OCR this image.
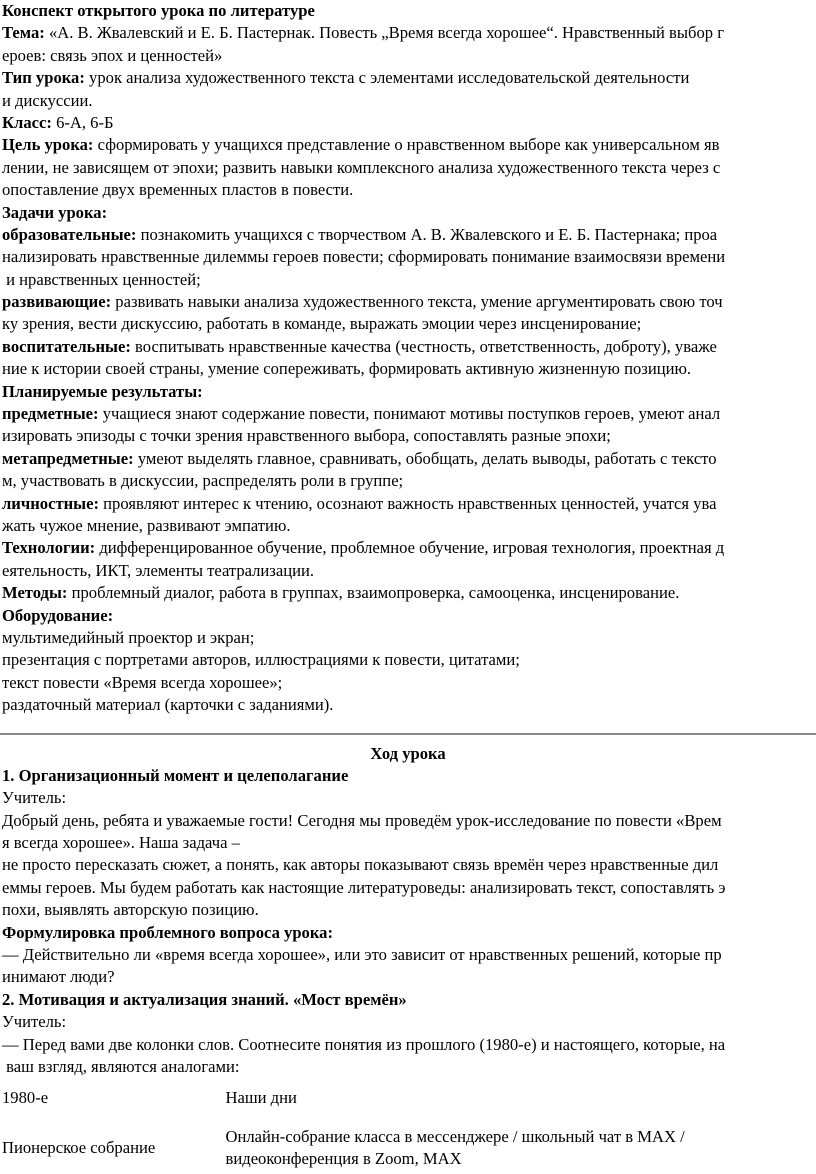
Конспект открытого урока по литературе
Тема: «А. В. Жвалевский и Е. Б. Пастернак. Повесть „Время всегда хорошее“. Нравственный выбор г
ероев: связь эпох и ценностей»
Тип урока: урок анализа художественного текста с элементами исследовательской деятельности
и дискуссии.
Класс: 6-А, 6-Б
Цель урока: сформировать у учащихся представление о нравственном выборе как универсальном яв
лении, не зависящем от эпохи; развить навыки комплексного анализа художественного текста через с
опоставление двух временных пластов в повести.
Задачи урока:
образовательные: познакомить учащихся с творчеством А. В. Жвалевского и Е. Б. Пастернака; проа
нализировать нравственные дилеммы героев повести; сформировать понимание взаимосвязи времени
и нравственных ценностей;
развивающие: развивать навыки анализа художественного текста, умение аргументировать свою точ
ку зрения, вести дискуссию, работать в команде, выражать эмоции через инсценирование;
воспитательные: воспитывать нравственные качества (честность, ответственность, доброту), уваже
ние к истории своей страны, умение сопереживать, формировать активную жизненную позицию.
Планируемые результаты:
предметные: учащиеся знают содержание повести, понимают мотивы поступков героев, умеют анал
изировать эпизоды с точки зрения нравственного выбора, сопоставлять разные эпохи;
метапредметные: умеют выделять главное, сравнивать, обобщать, делать выводы, работать с тексто
м, участвовать в дискуссии, распределять роли в группе;
личностные: проявляют интерес к чтению, осознают важность нравственных ценностей, учатся ува
жать чужое мнение, развивают эмпатию.
Технологии: дифференцированное обучение, проблемное обучение, игровая технология, проектная д
еятельность, ИКТ, элементы театрализации.
Методы: проблемный диалог, работа в группах, взаимопроверка, самооценка, инсценирование.
Оборудование:
мультимедийный проектор и экран;
презентация с портретами авторов, иллюстрациями к повести, цитатами;
текст повести «Время всегда хорошее»;
раздаточный материал (карточки с заданиями).
Ход урока
1. Организационный момент и целеполагание
Учитель:
Добрый день, ребята и уважаемые гости! Сегодня мы проведём урок-исследование по повести «Врем
я всегда хорошее». Наша задача –
не просто пересказать сюжет, а понять, как авторы показывают связь времён через нравственные дил
еммы героев. Мы будем работать как настоящие литературоведы: анализировать текст, сопоставлять э
похи, выявлять авторскую позицию.
Формулировка проблемного вопроса урока:
— Действительно ли «время всегда хорошее», или это зависит от нравственных решений, которые пр
инимают люди?
2. Мотивация и актуализация знаний. «Мост времён»
Учитель:
— Перед вами две колонки слов. Соотнесите понятия из прошлого (1980-е) и настоящего, которые, на
ваш взгляд, являются аналогами:
1980-е	Наши дни
Пионерское собрание	Онлайн-собрание класса в мессенджере / школьный чат в MAX /
видеоконференция в Zoom, MAX
